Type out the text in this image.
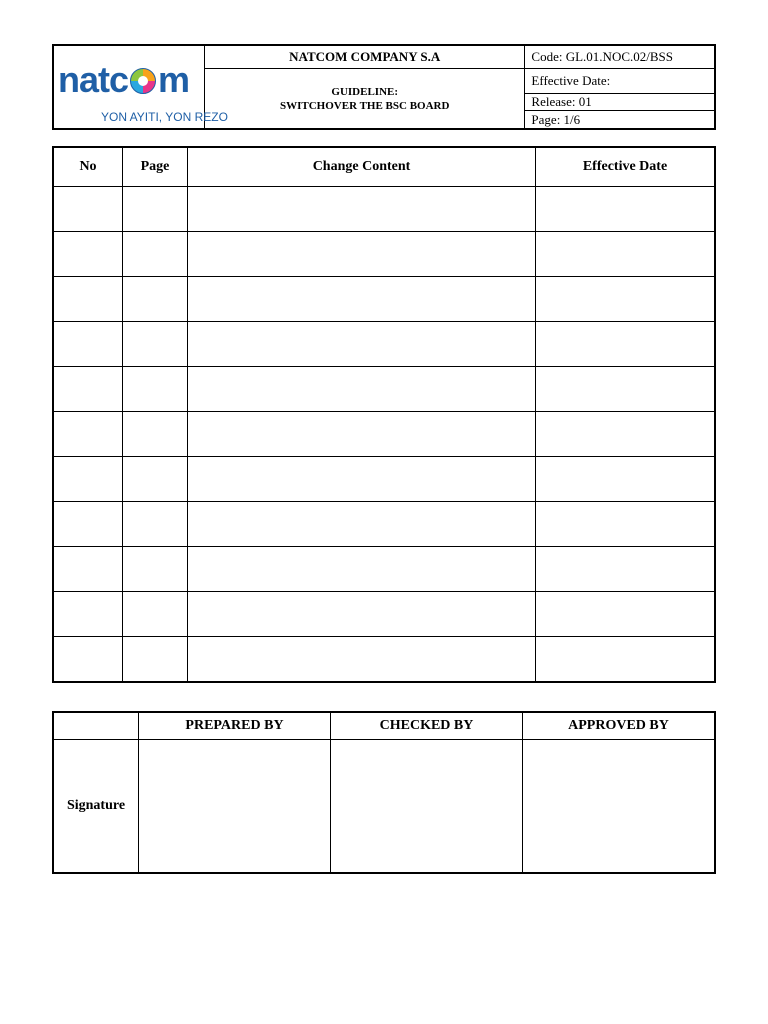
natc m
YON AYITI, YON REZO	NATCOM COMPANY S.A	Code: GL.01.NOC.02/BSS

	GUIDELINE:
SWITCHOVER THE BSC BOARD	Effective Date:
		Release: 01
		Page: 1/6
No	Page	Change Content	Effective Date

	PREPARED BY	CHECKED BY	APPROVED BY
Signature			
